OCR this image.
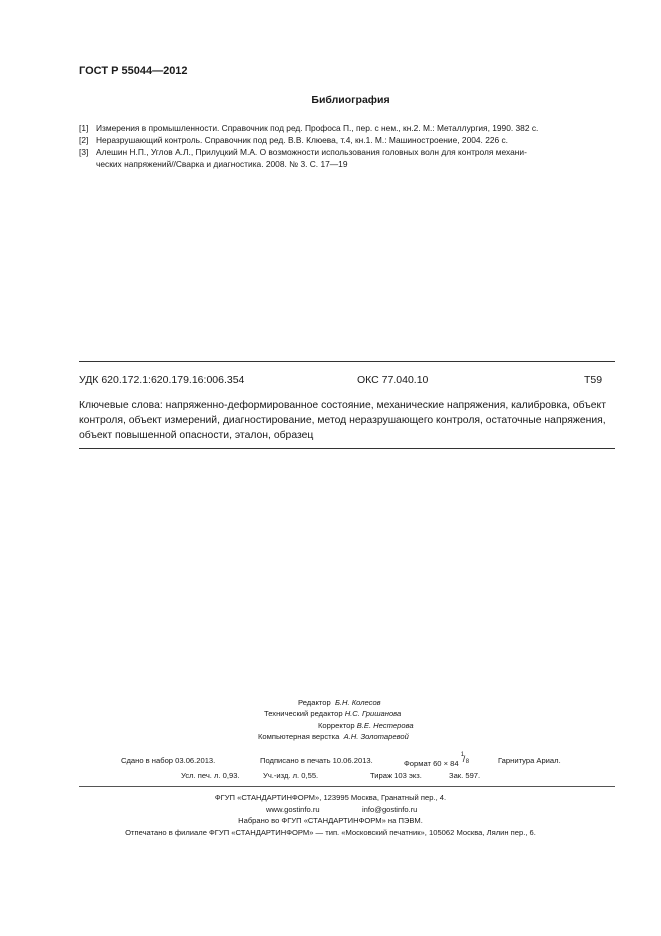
ГОСТ Р 55044—2012
Библиография
[1] Измерения в промышленности. Справочник под ред. Профоса П., пер. с нем., кн.2. М.: Металлургия, 1990. 382 с.
[2] Неразрушающий контроль. Справочник под ред. В.В. Клюева, т.4, кн.1. М.: Машиностроение, 2004. 226 с.
[3] Алешин Н.П., Углов А.Л., Прилуцкий М.А. О возможности использования головных волн для контроля механи-
ческих напряжений//Сварка и диагностика. 2008. № 3. С. 17—19
УДК 620.172.1:620.179.16:006.354	ОКС 77.040.10	Т59
Ключевые слова: напряженно-деформированное состояние, механические напряжения, калибровка, объект контроля, объект измерений, диагностирование, метод неразрушающего контроля, остаточные напряжения, объект повышенной опасности, эталон, образец
Редактор Б.Н. Колесов
Технический редактор Н.С. Гришанова
Корректор В.Е. Нестерова
Компьютерная верстка А.Н. Золотаревой
Сдано в набор 03.06.2013.	Подписано в печать 10.06.2013.	Формат 60 × 84
1
/ 8	Гарнитура Ариал.
Усл. печ. л. 0,93.	Уч.-изд. л. 0,55.	Тираж 103 экз.	Зак. 597.
ФГУП «СТАНДАРТИНФОРМ», 123995 Москва, Гранатный пер., 4.
www.gostinfo.ru	info@gostinfo.ru
Набрано во ФГУП «СТАНДАРТИНФОРМ» на ПЭВМ.
Отпечатано в филиале ФГУП «СТАНДАРТИНФОРМ» — тип. «Московский печатник», 105062 Москва, Лялин пер., 6.
